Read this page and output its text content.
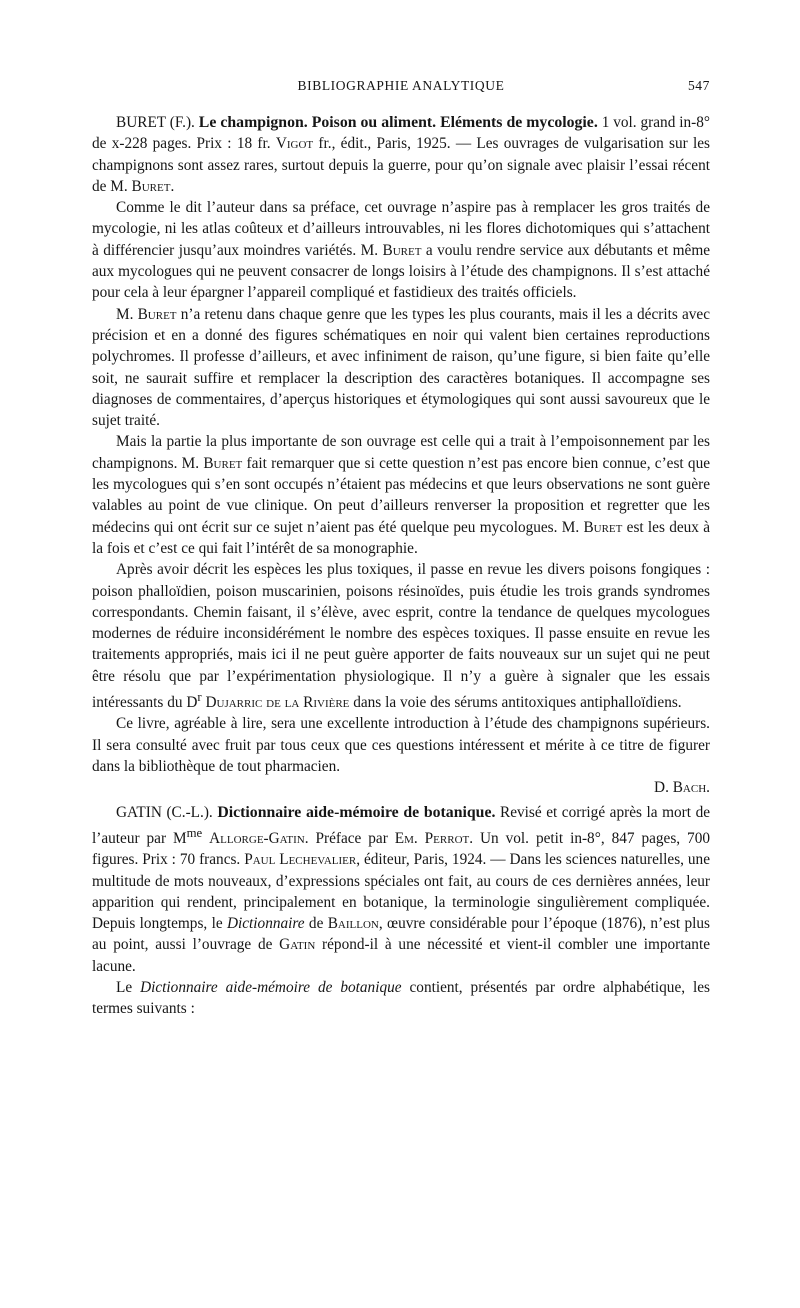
BIBLIOGRAPHIE ANALYTIQUE	547

BURET (F.). Le champignon. Poison ou aliment. Eléments de mycologie. 1 vol. grand in-8° de x-228 pages. Prix : 18 fr. Vigot fr., édit., Paris, 1925. — Les ouvrages de vulgarisation sur les champignons sont assez rares, surtout depuis la guerre, pour qu’on signale avec plaisir l’essai récent de M. Buret.

Comme le dit l’auteur dans sa préface, cet ouvrage n’aspire pas à remplacer les gros traités de mycologie, ni les atlas coûteux et d’ailleurs introuvables, ni les flores dichotomiques qui s’attachent à différencier jusqu’aux moindres variétés. M. Buret a voulu rendre service aux débutants et même aux mycologues qui ne peuvent consacrer de longs loisirs à l’étude des champignons. Il s’est attaché pour cela à leur épargner l’appareil compliqué et fastidieux des traités officiels.

M. Buret n’a retenu dans chaque genre que les types les plus courants, mais il les a décrits avec précision et en a donné des figures schématiques en noir qui valent bien certaines reproductions polychromes. Il professe d’ailleurs, et avec infiniment de raison, qu’une figure, si bien faite qu’elle soit, ne saurait suffire et remplacer la description des caractères botaniques. Il accompagne ses diagnoses de commentaires, d’aperçus historiques et étymologiques qui sont aussi savoureux que le sujet traité.

Mais la partie la plus importante de son ouvrage est celle qui a trait à l’empoisonnement par les champignons. M. Buret fait remarquer que si cette question n’est pas encore bien connue, c’est que les mycologues qui s’en sont occupés n’étaient pas médecins et que leurs observations ne sont guère valables au point de vue clinique. On peut d’ailleurs renverser la proposition et regretter que les médecins qui ont écrit sur ce sujet n’aient pas été quelque peu mycologues. M. Buret est les deux à la fois et c’est ce qui fait l’intérêt de sa monographie.

Après avoir décrit les espèces les plus toxiques, il passe en revue les divers poisons fongiques : poison phalloïdien, poison muscarinien, poisons résinoïdes, puis étudie les trois grands syndromes correspondants. Chemin faisant, il s’élève, avec esprit, contre la tendance de quelques mycologues modernes de réduire inconsidérément le nombre des espèces toxiques. Il passe ensuite en revue les traitements appropriés, mais ici il ne peut guère apporter de faits nouveaux sur un sujet qui ne peut être résolu que par l’expérimentation physiologique. Il n’y a guère à signaler que les essais intéressants du $D^r$ Dujarric de la Rivière dans la voie des sérums antitoxiques antiphalloïdiens.

Ce livre, agréable à lire, sera une excellente introduction à l’étude des champignons supérieurs. Il sera consulté avec fruit par tous ceux que ces questions intéressent et mérite à ce titre de figurer dans la bibliothèque de tout pharmacien.

D. Bach.

GATIN (C.-L.). Dictionnaire aide-mémoire de botanique. Revisé et corrigé après la mort de l’auteur par $M^{me}$ Allorge-Gatin. Préface par Em. Perrot. Un vol. petit in-8°, 847 pages, 700 figures. Prix : 70 francs. Paul Lechevalier, éditeur, Paris, 1924. — Dans les sciences naturelles, une multitude de mots nouveaux, d’expressions spéciales ont fait, au cours de ces dernières années, leur apparition qui rendent, principalement en botanique, la terminologie singulièrement compliquée. Depuis longtemps, le Dictionnaire de Baillon, œuvre considérable pour l’époque (1876), n’est plus au point, aussi l’ouvrage de Gatin répond-il à une nécessité et vient-il combler une importante lacune.

Le Dictionnaire aide-mémoire de botanique contient, présentés par ordre alphabétique, les termes suivants :
